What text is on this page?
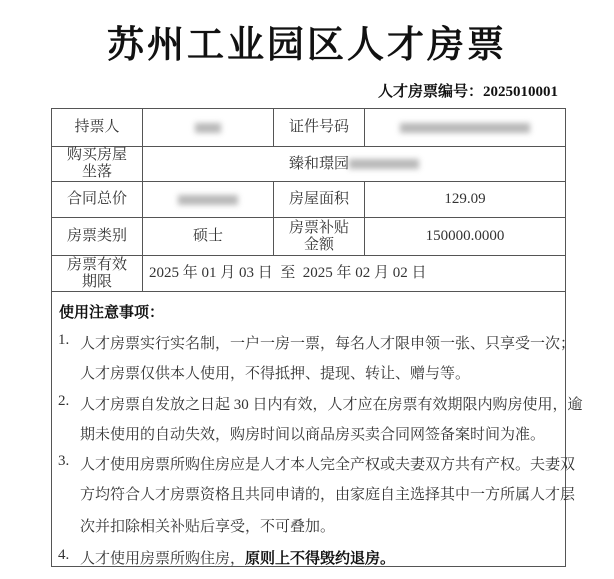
苏州工业园区人才房票
人才房票编号：2025010001
持票人		证件号码	
购买房屋坐落	臻和璟园		
合同总价		房屋面积	129.09
房票类别	硕士	房票补贴金额	150000.0000
房票有效期限	2025 年 01 月 03 日  至  2025 年 02 月 02 日		
使用注意事项：
1. 人才房票实行实名制，一户一房一票，每名人才限申领一张、只享受一次；
人才房票仅供本人使用，不得抵押、提现、转让、赠与等。
2. 人才房票自发放之日起 30 日内有效，人才应在房票有效期限内购房使用，逾
期未使用的自动失效，购房时间以商品房买卖合同网签备案时间为准。
3. 人才使用房票所购住房应是人才本人完全产权或夫妻双方共有产权。夫妻双
方均符合人才房票资格且共同申请的，由家庭自主选择其中一方所属人才层
次并扣除相关补贴后享受，不可叠加。
4. 人才使用房票所购住房，原则上不得毁约退房。
